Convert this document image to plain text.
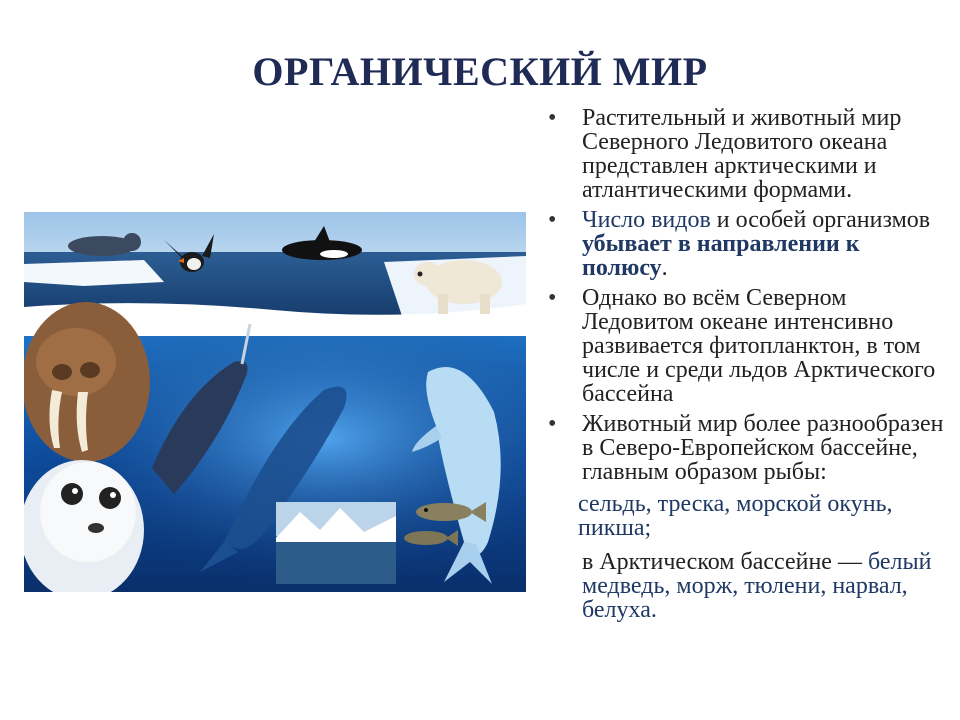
ОРГАНИЧЕСКИЙ МИР
•	Растительный и животный мир Северного Ледовитого океана представлен арктическими и атлантическими формами.
•	Число видов и особей организмов убывает в направлении к полюсу.
•	Однако во всём Северном Ледовитом океане интенсивно развивается фитопланктон, в том числе и среди льдов Арктического бассейна
•	Животный мир более разнообразен в Северо-Европейском бассейне, главным образом рыбы:
сельдь, треска, морской окунь, пикша;
в Арктическом бассейне — белый медведь, морж, тюлени, нарвал, белуха.
